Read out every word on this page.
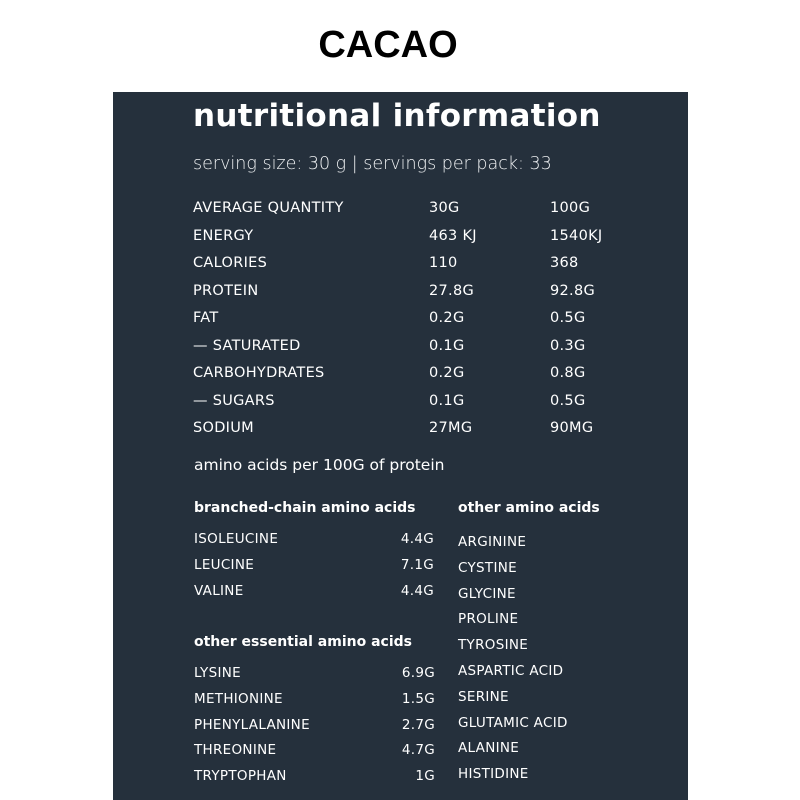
CACAO
nutritional information
serving size: 30 g | servings per pack: 33
AVERAGE QUANTITY	30G	100G
ENERGY	463 KJ	1540KJ
CALORIES	110	368
PROTEIN	27.8G	92.8G
FAT	0.2G	0.5G
— SATURATED	0.1G	0.3G
CARBOHYDRATES	0.2G	0.8G
— SUGARS	0.1G	0.5G
SODIUM	27MG	90MG
amino acids per 100G of protein
branched-chain amino acids
ISOLEUCINE	4.4G
LEUCINE	7.1G
VALINE	4.4G
other essential amino acids
LYSINE	6.9G
METHIONINE	1.5G
PHENYLALANINE	2.7G
THREONINE	4.7G
TRYPTOPHAN	1G
other amino acids
ARGININE
CYSTINE
GLYCINE
PROLINE
TYROSINE
ASPARTIC ACID
SERINE
GLUTAMIC ACID
ALANINE
HISTIDINE
